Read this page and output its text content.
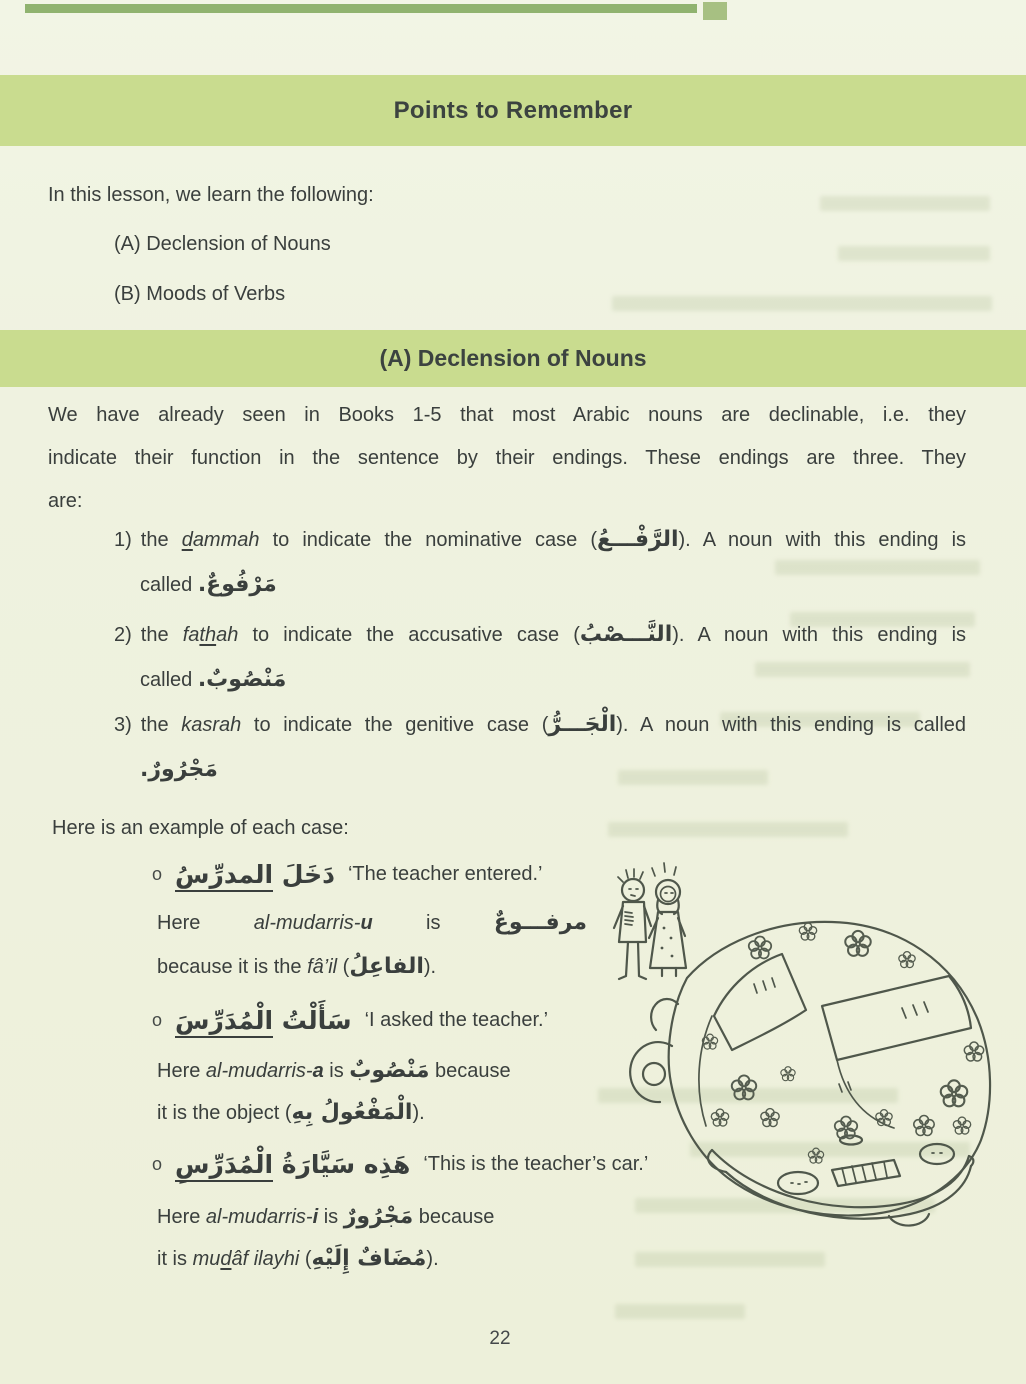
Points to Remember
In this lesson, we learn the following:
(A) Declension of Nouns
(B) Moods of Verbs
(A) Declension of Nouns
We have already seen in Books 1-5 that most Arabic nouns are declinable, i.e. they
indicate their function in the sentence by their endings. These endings are three. They
are:
1) the dammah to indicate the nominative case (الرَّفْـــعُ). A noun with this ending is
called مَرْفُوعٌ.
2) the fathah to indicate the accusative case (النَّـــصْبُ). A noun with this ending is
called مَنْصُوبٌ.
3) the kasrah to indicate the genitive case (الْجَـــرُّ). A noun with this ending is called
مَجْرُورٌ.
Here is an example of each case:
o	دَخَلَ المدرِّسُ	‘The teacher entered.’
Here al-mudarris-u is مرفـــوعٌ
because it is the fâ’il (الفاعِلُ).
o	سَأَلْتُ الْمُدَرِّسَ	‘I asked the teacher.’
Here al-mudarris-a is مَنْصُوبٌ because
it is the object (الْمَفْعُولُ بِهِ).
o	هَذِه سَيَّارَةُ الْمُدَرِّسِ	‘This is the teacher’s car.’
Here al-mudarris-i is مَجْرُورٌ because
it is mudâf ilayhi (مُضَافٌ إِلَيْهِ).
22
